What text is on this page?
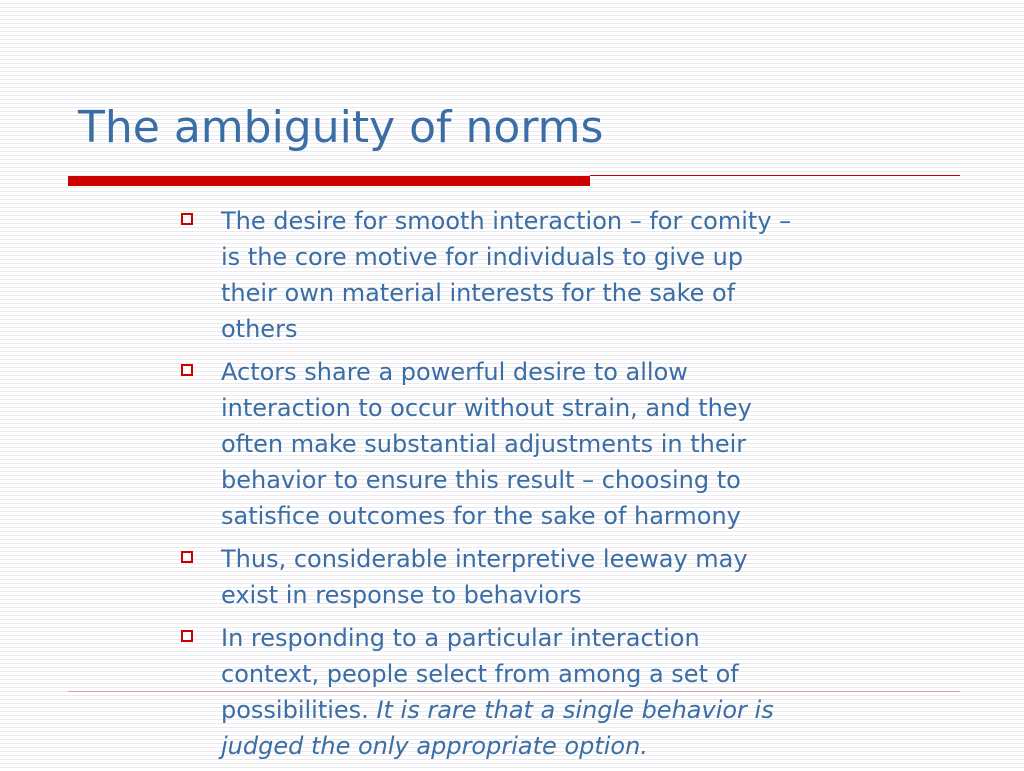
The ambiguity of norms
The desire for smooth interaction – for comity –
is the core motive for individuals to give up
their own material interests for the sake of
others
Actors share a powerful desire to allow
interaction to occur without strain, and they
often make substantial adjustments in their
behavior to ensure this result – choosing to
satisfice outcomes for the sake of harmony
Thus, considerable interpretive leeway may
exist in response to behaviors
In responding to a particular interaction
context, people select from among a set of
possibilities. It is rare that a single behavior is
judged the only appropriate option.
